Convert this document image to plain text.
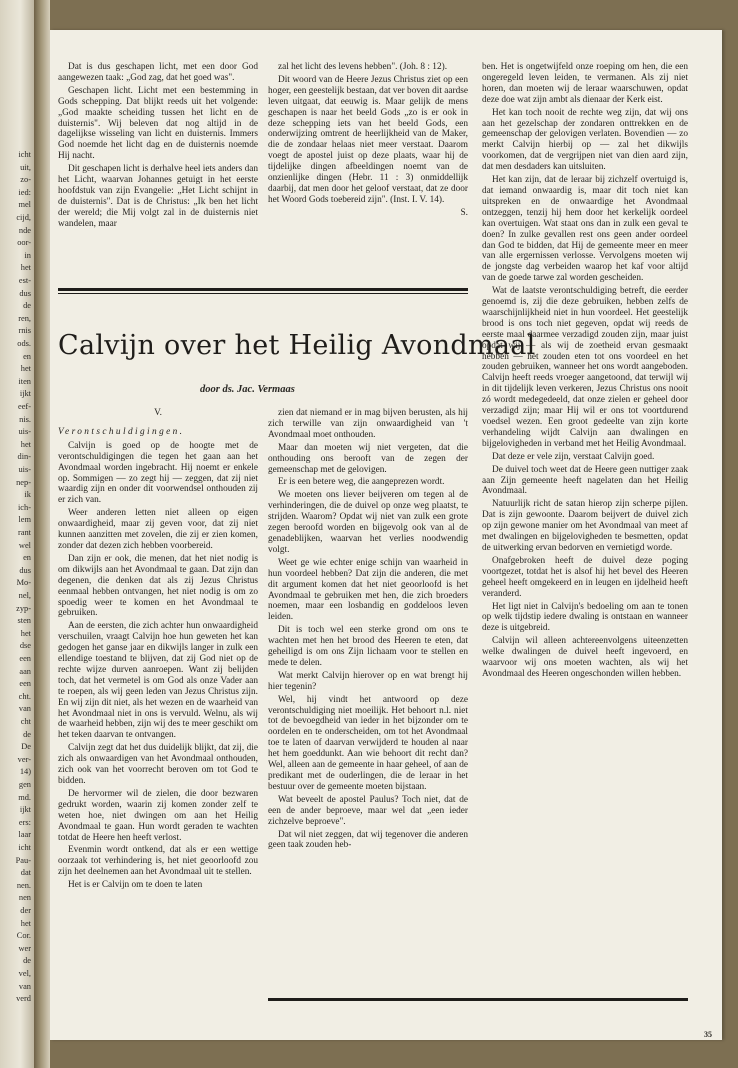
icht
uit,
zo-
ied:
mel
cijd,
nde
oor-
in
het
est-
dus
de
ren,
rnis
ods.
en
het
iten
ijkt
eef-
nis.
uis-
het
din-
uis-
nep-
ik
ich-
lem
rant
wel
en
dus
Mo-
nel,
zyp-
sten
het
dse
een
aan
een
cht.
van
cht
de
De
ver-
14)
gen
md.
ijkt
ers:
laar
icht
Pau-
dat
nen.
nen
der
het
Cor.
wer
de
vel,
van
verd

Dat is dus geschapen licht, met een door God aangewezen taak: „God zag, dat het goed was".

Geschapen licht. Licht met een bestemming in Gods schepping. Dat blijkt reeds uit het volgende: „God maakte scheiding tussen het licht en de duisternis". Wij beleven dat nog altijd in de dagelijkse wisseling van licht en duisternis. Immers God noemde het licht dag en de duisternis noemde Hij nacht.

Dit geschapen licht is derhalve heel iets anders dan het Licht, waarvan Johannes getuigt in het eerste hoofdstuk van zijn Evangelie: „Het Licht schijnt in de duisternis". Dat is de Christus: „Ik ben het licht der wereld; die Mij volgt zal in de duisternis niet wandelen, maar

zal het licht des levens hebben". (Joh. 8 : 12).

Dit woord van de Heere Jezus Christus ziet op een hoger, een geestelijk bestaan, dat ver boven dit aardse leven uitgaat, dat eeuwig is. Maar gelijk de mens geschapen is naar het beeld Gods „zo is er ook in deze schepping iets van het beeld Gods, een onderwijzing omtrent de heerlijkheid van de Maker, die de zondaar helaas niet meer verstaat. Daarom voegt de apostel juist op deze plaats, waar hij de tijdelijke dingen afbeeldingen noemt van de onzienlijke dingen (Hebr. 11 : 3) onmiddellijk daarbij, dat men door het geloof verstaat, dat ze door het Woord Gods toebereid zijn". (Inst. I. V. 14).

S.
Calvijn over het Heilig Avondmaal
door ds. Jac. Vermaas

V.

Verontschuldigingen.

Calvijn is goed op de hoogte met de verontschuldigingen die tegen het gaan aan het Avondmaal worden ingebracht. Hij noemt er enkele op. Sommigen — zo zegt hij — zeggen, dat zij niet waardig zijn en onder dit voorwendsel onthouden zij er zich van.

Weer anderen letten niet alleen op eigen onwaardigheid, maar zij geven voor, dat zij niet kunnen aanzitten met zovelen, die zij er zien komen, zonder dat dezen zich hebben voorbereid.

Dan zijn er ook, die menen, dat het niet nodig is om dikwijls aan het Avondmaal te gaan. Dat zijn dan degenen, die denken dat als zij Jezus Christus eenmaal hebben ontvangen, het niet nodig is om zo spoedig weer te komen en het Avondmaal te gebruiken.

Aan de eersten, die zich achter hun onwaardigheid verschuilen, vraagt Calvijn hoe hun geweten het kan gedogen het ganse jaar en dikwijls langer in zulk een ellendige toestand te blijven, dat zij God niet op de rechte wijze durven aanroepen. Want zij belijden toch, dat het vermetel is om God als onze Vader aan te roepen, als wij geen leden van Jezus Christus zijn. En wij zijn dit niet, als het wezen en de waarheid van het Avondmaal niet in ons is vervuld. Welnu, als wij de waarheid hebben, zijn wij des te meer geschikt om het teken daarvan te ontvangen.

Calvijn zegt dat het dus duidelijk blijkt, dat zij, die zich als onwaardigen van het Avondmaal onthouden, zich ook van het voorrecht beroven om tot God te bidden.

De hervormer wil de zielen, die door bezwaren gedrukt worden, waarin zij komen zonder zelf te weten hoe, niet dwingen om aan het Heilig Avondmaal te gaan. Hun wordt geraden te wachten totdat de Heere hen heeft verlost.

Evenmin wordt ontkend, dat als er een wettige oorzaak tot verhindering is, het niet geoorloofd zou zijn het deelnemen aan het Avondmaal uit te stellen.

Het is er Calvijn om te doen te laten

zien dat niemand er in mag bijven berusten, als hij zich terwille van zijn onwaardigheid van 't Avondmaal moet onthouden.

Maar dan moeten wij niet vergeten, dat die onthouding ons berooft van de zegen der gemeenschap met de gelovigen.

Er is een betere weg, die aangeprezen wordt.

We moeten ons liever beijveren om tegen al de verhinderingen, die de duivel op onze weg plaatst, te strijden. Waarom? Opdat wij niet van zulk een grote zegen beroofd worden en bijgevolg ook van al de genadeblijken, waarvan het verlies noodwendig volgt.

Weet ge wie echter enige schijn van waarheid in hun voordeel hebben? Dat zijn die anderen, die met dit argument komen dat het niet geoorloofd is het Avondmaal te gebruiken met hen, die zich broeders noemen, maar een losbandig en goddeloos leven leiden.

Dit is toch wel een sterke grond om ons te wachten met hen het brood des Heeren te eten, dat geheiligd is om ons Zijn lichaam voor te stellen en mede te delen.

Wat merkt Calvijn hierover op en wat brengt hij hier tegenin?

Wel, hij vindt het antwoord op deze verontschuldiging niet moeilijk. Het behoort n.l. niet tot de bevoegdheid van ieder in het bijzonder om te oordelen en te onderscheiden, om tot het Avondmaal toe te laten of daarvan verwijderd te houden al naar het hem goeddunkt. Aan wie behoort dit recht dan? Wel, alleen aan de gemeente in haar geheel, of aan de predikant met de ouderlingen, die de leraar in het bestuur over de gemeente moeten bijstaan.

Wat beveelt de apostel Paulus? Toch niet, dat de een de ander beproeve, maar wel dat „een ieder zichzelve beproeve".

Dat wil niet zeggen, dat wij tegenover die anderen geen taak zouden heb-

ben. Het is ongetwijfeld onze roeping om hen, die een ongeregeld leven leiden, te vermanen. Als zij niet horen, dan moeten wij de leraar waarschuwen, opdat deze doe wat zijn ambt als dienaar der Kerk eist.

Het kan toch nooit de rechte weg zijn, dat wij ons aan het gezelschap der zondaren onttrekken en de gemeenschap der gelovigen verlaten. Bovendien — zo merkt Calvijn hierbij op — zal het dikwijls voorkomen, dat de vergrijpen niet van dien aard zijn, dat men desdaders kan uitsluiten.

Het kan zijn, dat de leraar bij zichzelf overtuigd is, dat iemand onwaardig is, maar dit toch niet kan uitspreken en de onwaardige het Avondmaal ontzeggen, tenzij hij hem door het kerkelijk oordeel kan overtuigen. Wat staat ons dan in zulk een geval te doen? In zulke gevallen rest ons geen ander oordeel dan God te bidden, dat Hij de gemeente meer en meer van alle ergernissen verlosse. Vervolgens moeten wij de jongste dag verbeiden waarop het kaf voor altijd van de goede tarwe zal worden gescheiden.

Wat de laatste verontschuldiging betreft, die eerder genoemd is, zij die deze gebruiken, hebben zelfs de waarschijnlijkheid niet in hun voordeel. Het geestelijk brood is ons toch niet gegeven, opdat wij reeds de eerste maal daarmee verzadigd zouden zijn, maar juist opdat wij — als wij de zoetheid ervan gesmaakt hebben — het zouden eten tot ons voordeel en het zouden gebruiken, wanneer het ons wordt aangeboden. Calvijn heeft reeds vroeger aangetoond, dat terwijl wij in dit tijdelijk leven verkeren, Jezus Christus ons nooit zó wordt medegedeeld, dat onze zielen er geheel door verzadigd zijn; maar Hij wil er ons tot voortdurend voedsel wezen. Een groot gedeelte van zijn korte verhandeling wijdt Calvijn aan dwalingen en bijgelovigheden in verband met het Heilig Avondmaal.

Dat deze er vele zijn, verstaat Calvijn goed.

De duivel toch weet dat de Heere geen nuttiger zaak aan Zijn gemeente heeft nagelaten dan het Heilig Avondmaal.

Natuurlijk richt de satan hierop zijn scherpe pijlen. Dat is zijn gewoonte. Daarom beijvert de duivel zich op zijn gewone manier om het Avondmaal van meet af met dwalingen en bijgelovigheden te besmetten, opdat de uitwerking ervan bedorven en vernietigd worde.

Onafgebroken heeft de duivel deze poging voortgezet, totdat het is alsof hij het bevel des Heeren geheel heeft omgekeerd en in leugen en ijdelheid heeft veranderd.

Het ligt niet in Calvijn's bedoeling om aan te tonen op welk tijdstip iedere dwaling is ontstaan en wanneer deze is uitgebreid.

Calvijn wil alleen achtereenvolgens uiteenzetten welke dwalingen de duivel heeft ingevoerd, en waarvoor wij ons moeten wachten, als wij het Avondmaal des Heeren ongeschonden willen hebben.

35
